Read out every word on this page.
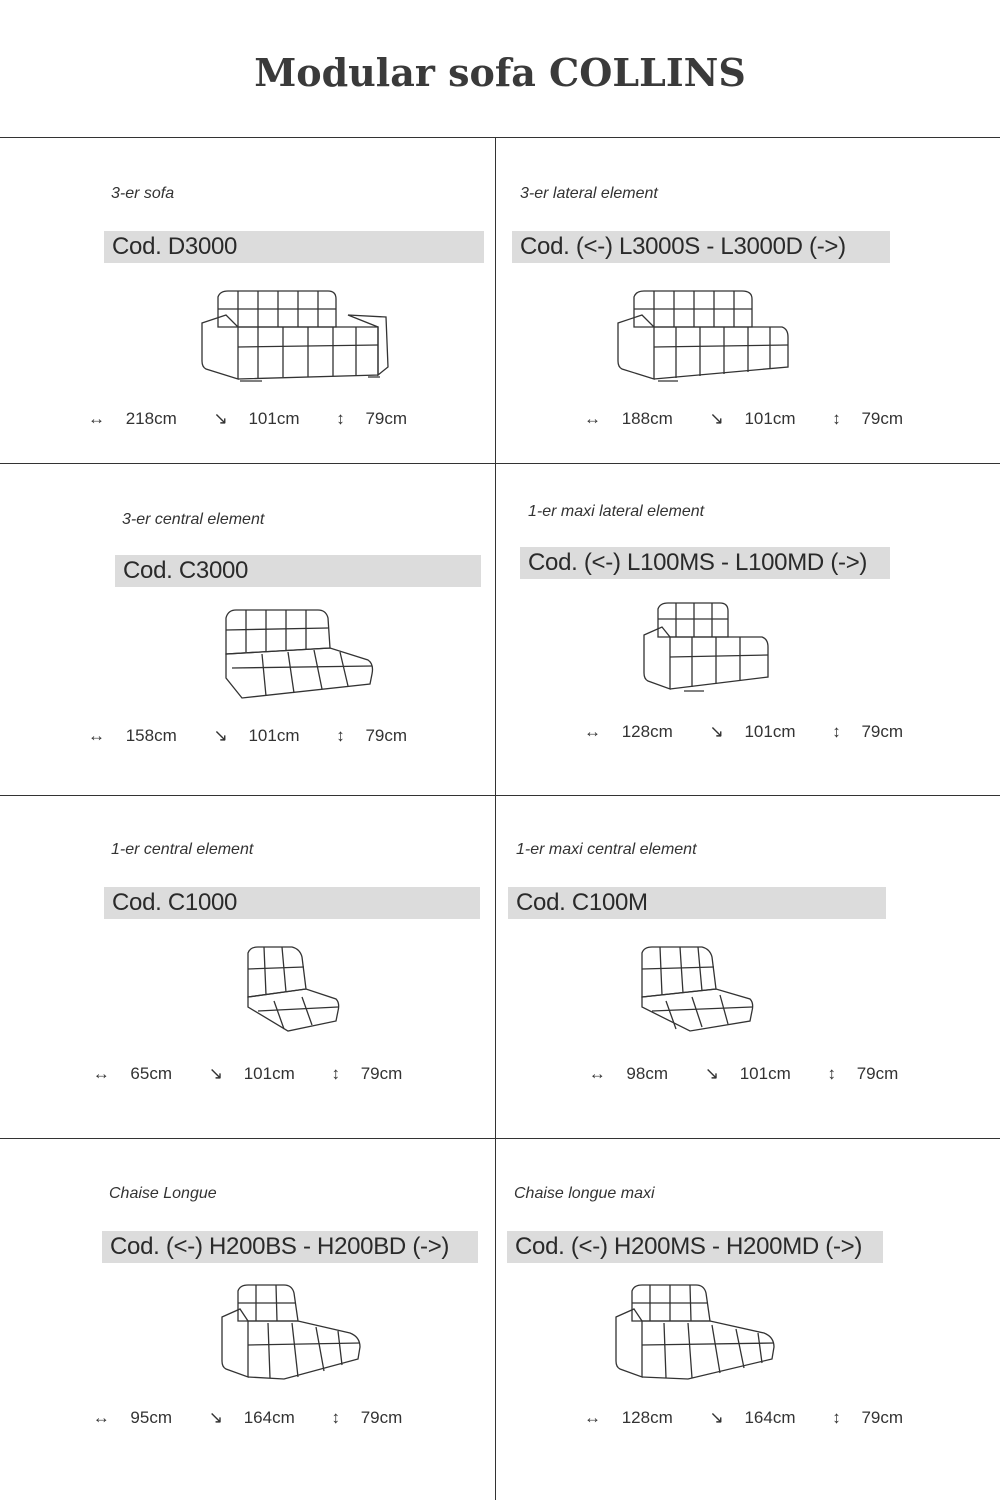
Modular sofa COLLINS
3-er sofa
Cod. D3000
↔ 218cm ↘ 101cm ↕ 79cm
3-er lateral element
Cod. (<-) L3000S - L3000D (->)
↔ 188cm ↘ 101cm ↕ 79cm
3-er central element
Cod. C3000
↔ 158cm ↘ 101cm ↕ 79cm
1-er maxi lateral element
Cod. (<-) L100MS - L100MD (->)
↔ 128cm ↘ 101cm ↕ 79cm
1-er central element
Cod. C1000
↔ 65cm ↘ 101cm ↕ 79cm
1-er maxi central element
Cod. C100M
↔ 98cm ↘ 101cm ↕ 79cm
Chaise Longue
Cod. (<-) H200BS - H200BD (->)
↔ 95cm ↘ 164cm ↕ 79cm
Chaise longue maxi
Cod. (<-) H200MS - H200MD (->)
↔ 128cm ↘ 164cm ↕ 79cm
